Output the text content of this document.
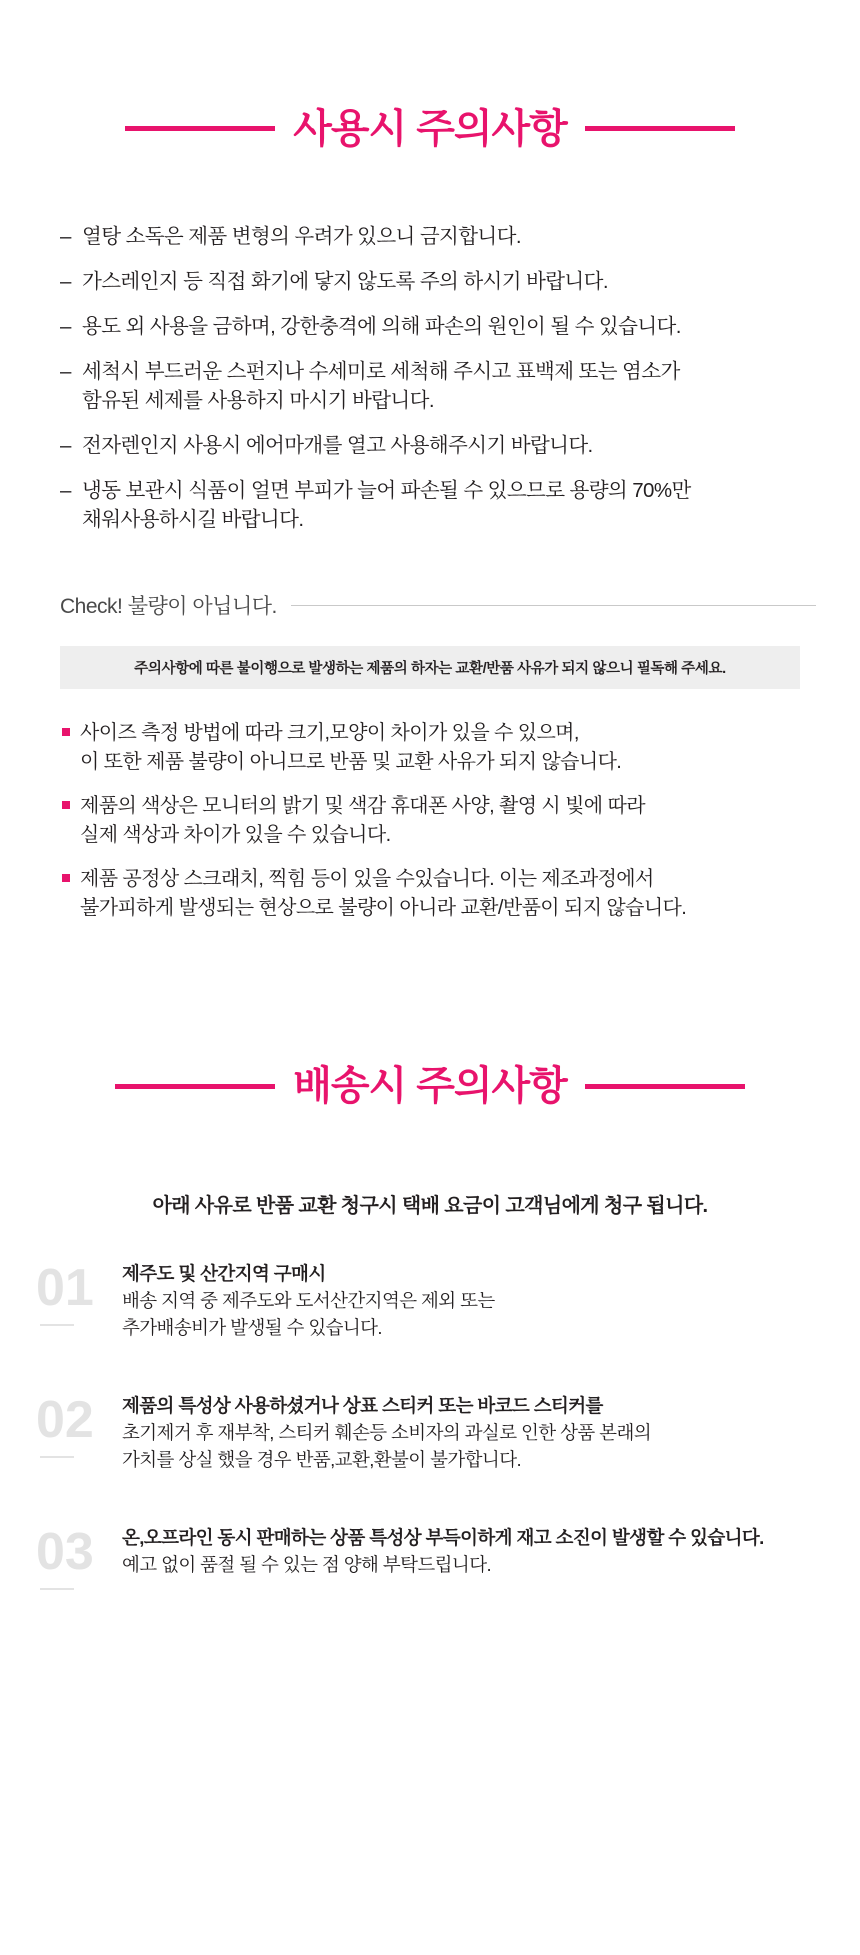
사용시 주의사항
– 열탕 소독은 제품 변형의 우려가 있으니 금지합니다.
– 가스레인지 등 직접 화기에 닿지 않도록 주의 하시기 바랍니다.
– 용도 외 사용을 금하며, 강한충격에 의해 파손의 원인이 될 수 있습니다.
– 세척시 부드러운 스펀지나 수세미로 세척해 주시고 표백제 또는 염소가
함유된 세제를 사용하지 마시기 바랍니다.
– 전자렌인지 사용시 에어마개를 열고 사용해주시기 바랍니다.
– 냉동 보관시 식품이 얼면 부피가 늘어 파손될 수 있으므로 용량의 70%만
채워사용하시길 바랍니다.
Check! 불량이 아닙니다.
주의사항에 따른 불이행으로 발생하는 제품의 하자는 교환/반품 사유가 되지 않으니 필독해 주세요.
사이즈 측정 방법에 따라 크기,모양이 차이가 있을 수 있으며,
이 또한 제품 불량이 아니므로 반품 및 교환 사유가 되지 않습니다.
제품의 색상은 모니터의 밝기 및 색감 휴대폰 사양, 촬영 시 빛에 따라
실제 색상과 차이가 있을 수 있습니다.
제품 공정상 스크래치, 찍힘 등이 있을 수있습니다. 이는 제조과정에서
불가피하게 발생되는 현상으로 불량이 아니라 교환/반품이 되지 않습니다.
배송시 주의사항

아래 사유로 반품 교환 청구시 택배 요금이 고객님에게 청구 됩니다.

01	제주도 및 산간지역 구매시
배송 지역 중 제주도와 도서산간지역은 제외 또는
추가배송비가 발생될 수 있습니다.
02	제품의 특성상 사용하셨거나 상표 스티커 또는 바코드 스티커를
초기제거 후 재부착, 스티커 훼손등 소비자의 과실로 인한 상품 본래의
가치를 상실 했을 경우 반품,교환,환불이 불가합니다.
03	온,오프라인 동시 판매하는 상품 특성상 부득이하게 재고 소진이 발생할 수 있습니다.
예고 없이 품절 될 수 있는 점 양해 부탁드립니다.
